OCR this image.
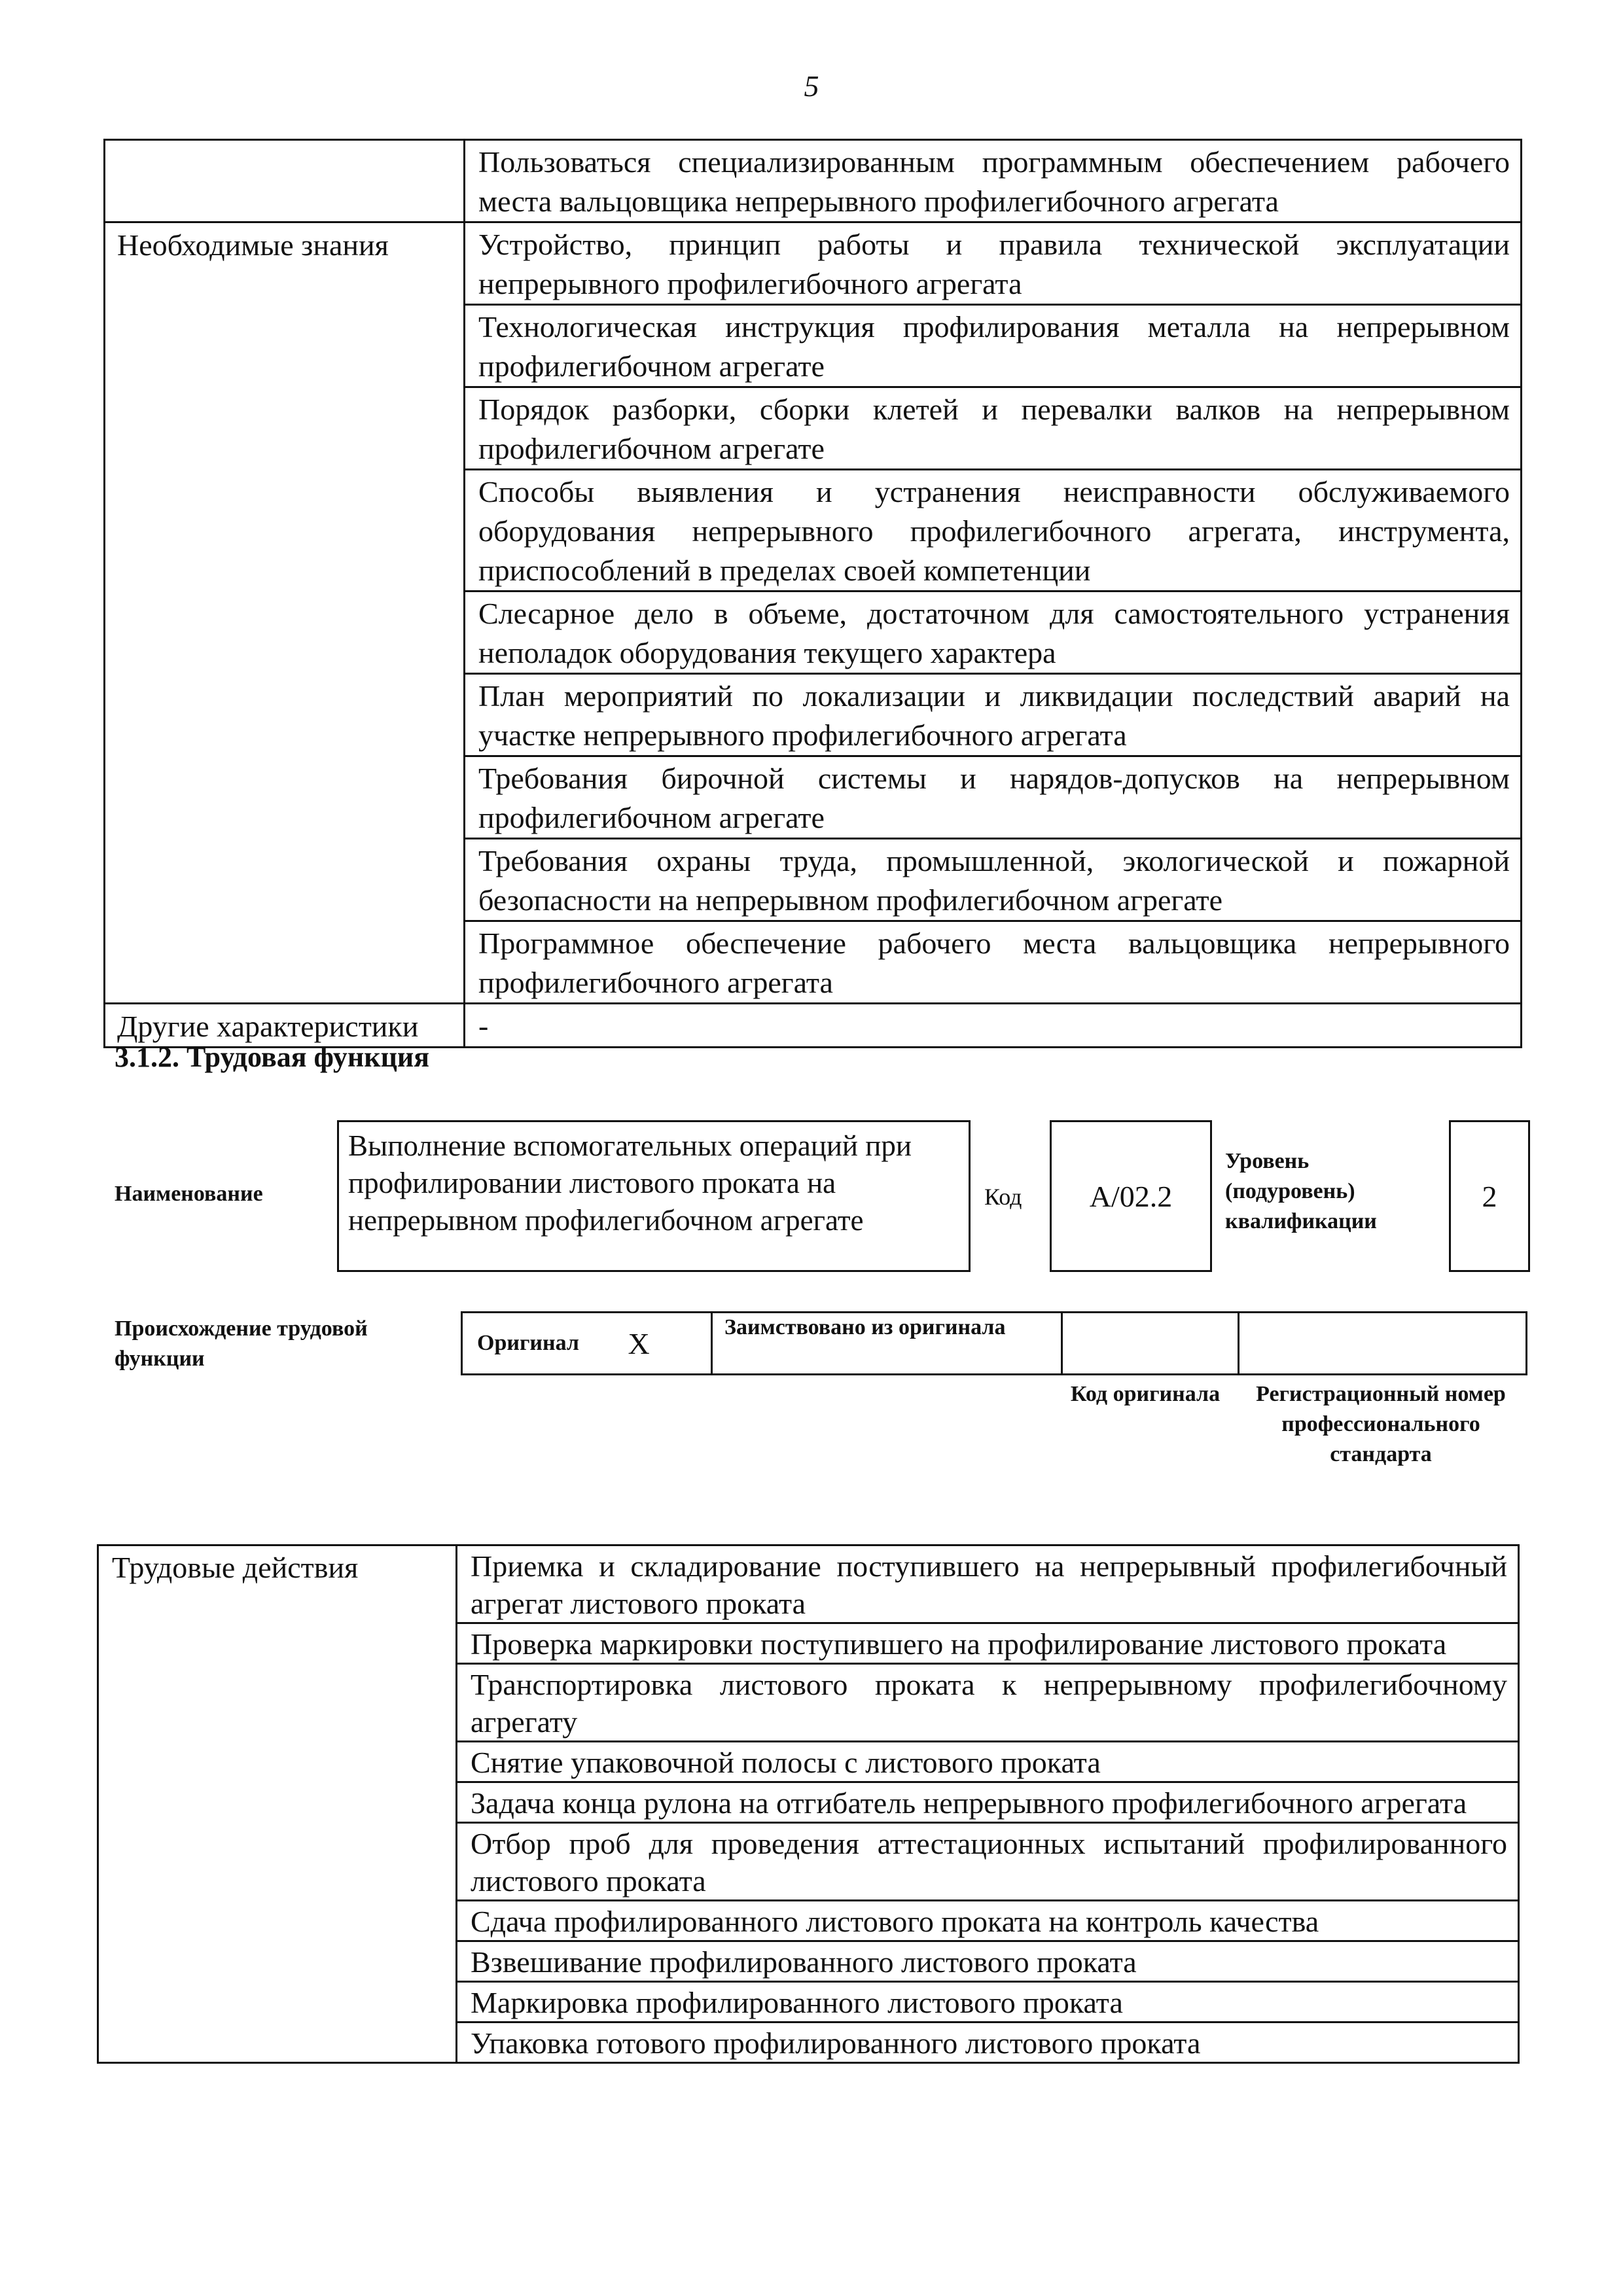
5
	Пользоваться специализированным программным обеспечением рабочего места вальцовщика непрерывного профилегибочного агрегата
Необходимые знания	Устройство, принцип работы и правила технической эксплуатации непрерывного профилегибочного агрегата
	Технологическая инструкция профилирования металла на непрерывном профилегибочном агрегате
	Порядок разборки, сборки клетей и перевалки валков на непрерывном профилегибочном агрегате
	Способы выявления и устранения неисправности обслуживаемого оборудования непрерывного профилегибочного агрегата, инструмента, приспособлений в пределах своей компетенции
	Слесарное дело в объеме, достаточном для самостоятельного устранения неполадок оборудования текущего характера
	План мероприятий по локализации и ликвидации последствий аварий на участке непрерывного профилегибочного агрегата
	Требования бирочной системы и нарядов-допусков на непрерывном профилегибочном агрегате
	Требования охраны труда, промышленной, экологической и пожарной безопасности на непрерывном профилегибочном агрегате
	Программное обеспечение рабочего места вальцовщика непрерывного профилегибочного агрегата
Другие характеристики	-
3.1.2. Трудовая функция
Наименование
Выполнение вспомогательных операций при профилировании листового проката на непрерывном профилегибочном агрегате
Код	A/02.2
Уровень (подуровень) квалификации
2
Происхождение трудовой функции
Оригинал	X	Заимствовано из оригинала		
Код оригинала	Регистрационный номер профессионального стандарта
Трудовые действия	Приемка и складирование поступившего на непрерывный профилегибочный агрегат листового проката
Проверка маркировки поступившего на профилирование листового проката
Транспортировка листового проката к непрерывному профилегибочному агрегату
Снятие упаковочной полосы с листового проката
Задача конца рулона на отгибатель непрерывного профилегибочного агрегата
Отбор проб для проведения аттестационных испытаний профилированного листового проката
Сдача профилированного листового проката на контроль качества
Взвешивание профилированного листового проката
Маркировка профилированного листового проката
Упаковка готового профилированного листового проката
